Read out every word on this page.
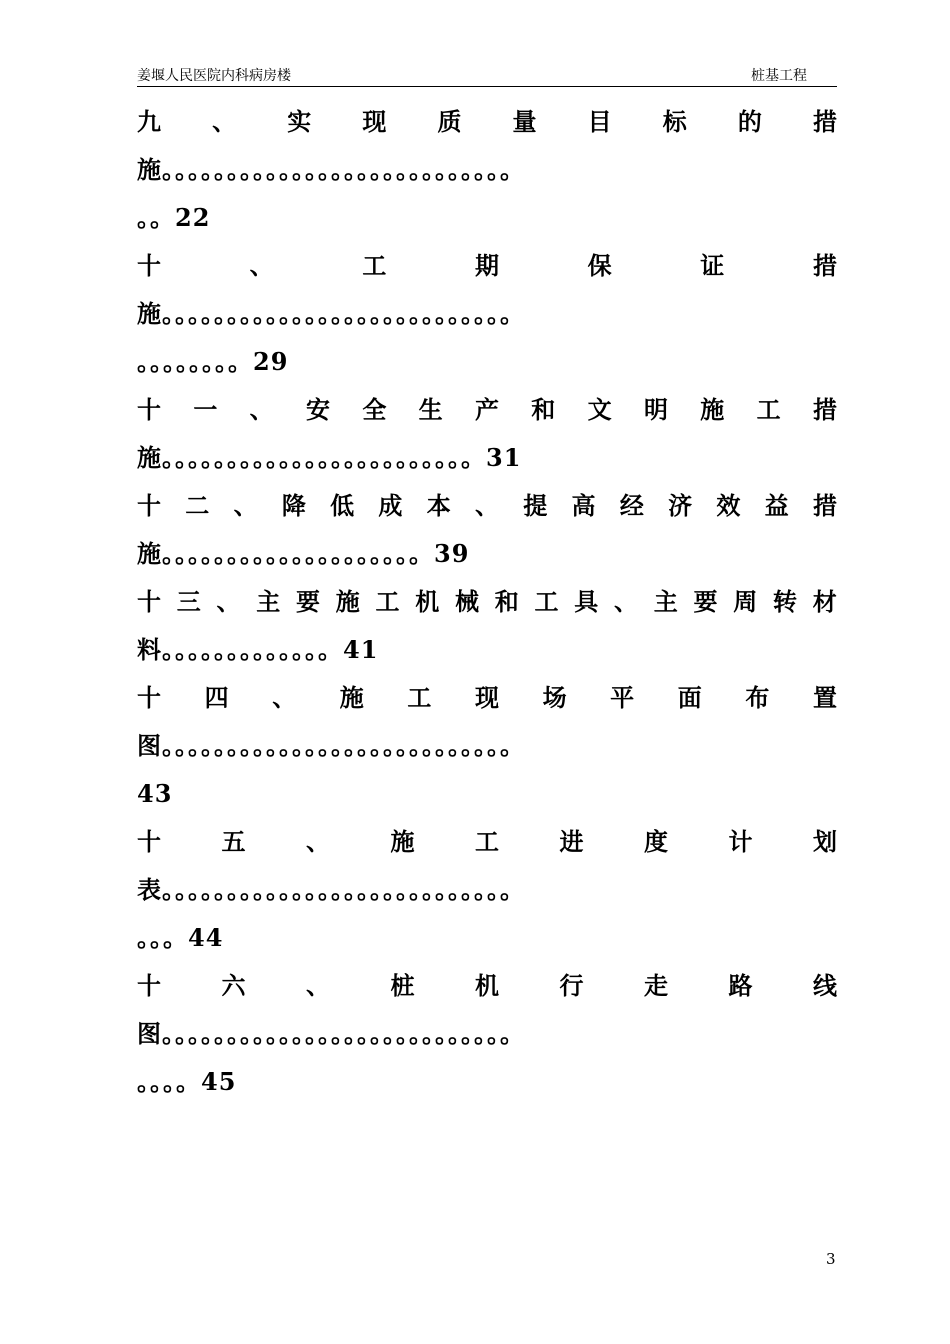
姜堰人民医院内科病房楼	桩基工程
九 、 实 现 质 量 目 标 的 措
施。。。。。。。。。。。。。。。。。。。。。。。。。。。
。。22
十	、	工	期	保	证	措
施。。。。。。。。。。。。。。。。。。。。。。。。。。。
。。。。。。。。29
十 一 、 安 全 生 产 和 文 明 施 工 措
施。。。。。。。。。。。。。。。。。。。。。。。。31
十 二 、 降 低 成 本 、 提 高 经 济 效 益 措
施。。。。。。。。。。。。。。。。。。。。39
十 三 、 主 要 施 工 机 械 和 工 具 、 主 要 周 转 材
料。。。。。。。。。。。。。41
十 四 、 施 工 现 场 平 面 布 置
图。。。。。。。。。。。。。。。。。。。。。。。。。。。
43
十	五	、	施	工	进	度	计	划
表。。。。。。。。。。。。。。。。。。。。。。。。。。。
。。。44
十	六	、	桩	机	行	走	路	线
图。。。。。。。。。。。。。。。。。。。。。。。。。。。
。。。。45
3
